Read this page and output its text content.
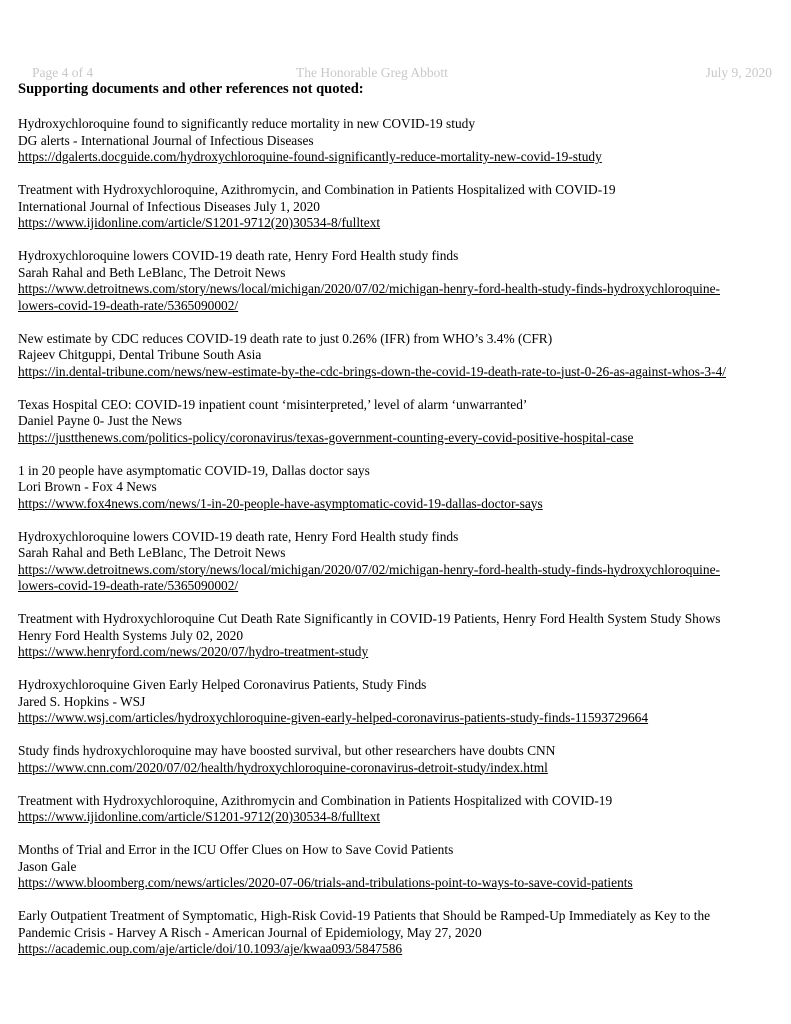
Page 4 of 4	The Honorable Greg Abbott	July 9, 2020
Supporting documents and other references not quoted:
Hydroxychloroquine found to significantly reduce mortality in new COVID-19 study
DG alerts - International Journal of Infectious Diseases
https://dgalerts.docguide.com/hydroxychloroquine-found-significantly-reduce-mortality-new-covid-19-study
Treatment with Hydroxychloroquine, Azithromycin, and Combination in Patients Hospitalized with COVID-19
International Journal of Infectious Diseases July 1, 2020
https://www.ijidonline.com/article/S1201-9712(20)30534-8/fulltext
Hydroxychloroquine lowers COVID-19 death rate, Henry Ford Health study finds
Sarah Rahal and Beth LeBlanc, The Detroit News
https://www.detroitnews.com/story/news/local/michigan/2020/07/02/michigan-henry-ford-health-study-finds-hydroxychloroquine-
lowers-covid-19-death-rate/5365090002/
New estimate by CDC reduces COVID-19 death rate to just 0.26% (IFR) from WHO’s 3.4% (CFR)
Rajeev Chitguppi, Dental Tribune South Asia
https://in.dental-tribune.com/news/new-estimate-by-the-cdc-brings-down-the-covid-19-death-rate-to-just-0-26-as-against-whos-3-4/
Texas Hospital CEO: COVID-19 inpatient count ‘misinterpreted,’ level of alarm ‘unwarranted’
Daniel Payne 0- Just the News
https://justthenews.com/politics-policy/coronavirus/texas-government-counting-every-covid-positive-hospital-case
1 in 20 people have asymptomatic COVID-19, Dallas doctor says
Lori Brown - Fox 4 News
https://www.fox4news.com/news/1-in-20-people-have-asymptomatic-covid-19-dallas-doctor-says
Hydroxychloroquine lowers COVID-19 death rate, Henry Ford Health study finds
Sarah Rahal and Beth LeBlanc, The Detroit News
https://www.detroitnews.com/story/news/local/michigan/2020/07/02/michigan-henry-ford-health-study-finds-hydroxychloroquine-
lowers-covid-19-death-rate/5365090002/
Treatment with Hydroxychloroquine Cut Death Rate Significantly in COVID-19 Patients, Henry Ford Health System Study Shows
Henry Ford Health Systems July 02, 2020
https://www.henryford.com/news/2020/07/hydro-treatment-study
Hydroxychloroquine Given Early Helped Coronavirus Patients, Study Finds
Jared S. Hopkins - WSJ
https://www.wsj.com/articles/hydroxychloroquine-given-early-helped-coronavirus-patients-study-finds-11593729664
Study finds hydroxychloroquine may have boosted survival, but other researchers have doubts CNN
https://www.cnn.com/2020/07/02/health/hydroxychloroquine-coronavirus-detroit-study/index.html
Treatment with Hydroxychloroquine, Azithromycin and Combination in Patients Hospitalized with COVID-19
https://www.ijidonline.com/article/S1201-9712(20)30534-8/fulltext
Months of Trial and Error in the ICU Offer Clues on How to Save Covid Patients
Jason Gale
https://www.bloomberg.com/news/articles/2020-07-06/trials-and-tribulations-point-to-ways-to-save-covid-patients
Early Outpatient Treatment of Symptomatic, High-Risk Covid-19 Patients that Should be Ramped-Up Immediately as Key to the
Pandemic Crisis - Harvey A Risch - American Journal of Epidemiology, May 27, 2020
https://academic.oup.com/aje/article/doi/10.1093/aje/kwaa093/5847586
